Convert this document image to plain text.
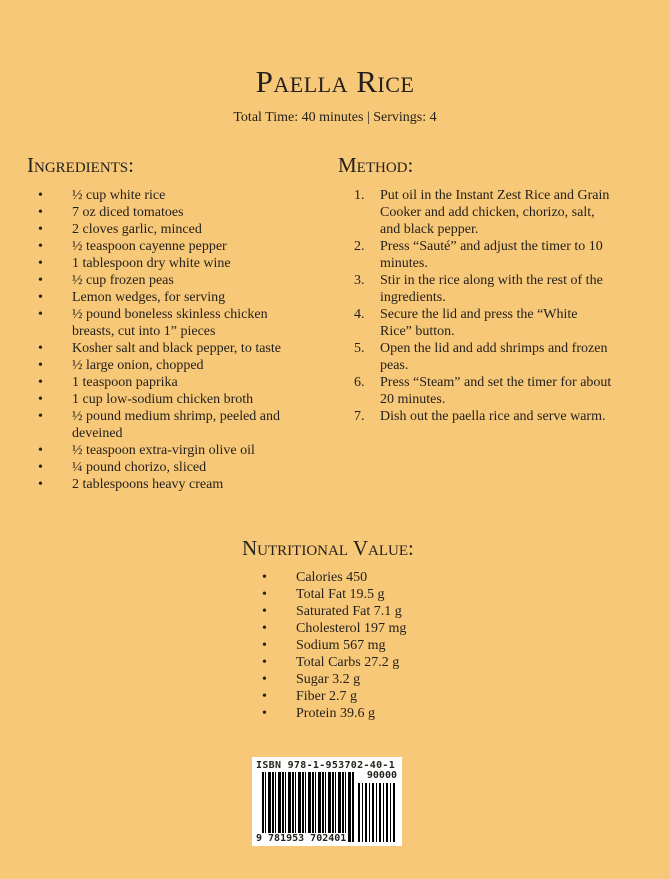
Paella Rice
Total Time: 40 minutes | Servings: 4
Ingredients:
• ½ cup white rice
• 7 oz diced tomatoes
• 2 cloves garlic, minced
• ½ teaspoon cayenne pepper
• 1 tablespoon dry white wine
• ½ cup frozen peas
• Lemon wedges, for serving
• ½ pound boneless skinless chicken breasts, cut into 1” pieces
• Kosher salt and black pepper, to taste
• ½ large onion, chopped
• 1 teaspoon paprika
• 1 cup low-sodium chicken broth
• ½ pound medium shrimp, peeled and deveined
• ½ teaspoon extra-virgin olive oil
• ¼ pound chorizo, sliced
• 2 tablespoons heavy cream
Method:
1. Put oil in the Instant Zest Rice and Grain Cooker and add chicken, chorizo, salt, and black pepper.
2. Press “Sauté” and adjust the timer to 10 minutes.
3. Stir in the rice along with the rest of the ingredients.
4. Secure the lid and press the “White Rice” button.
5. Open the lid and add shrimps and frozen peas.
6. Press “Steam” and set the timer for about 20 minutes.
7. Dish out the paella rice and serve warm.
Nutritional Value:
• Calories 450
• Total Fat 19.5 g
• Saturated Fat 7.1 g
• Cholesterol 197 mg
• Sodium 567 mg
• Total Carbs 27.2 g
• Sugar 3.2 g
• Fiber 2.7 g
• Protein 39.6 g
ISBN 978-1-953702-40-1
90000
9 781953 702401
